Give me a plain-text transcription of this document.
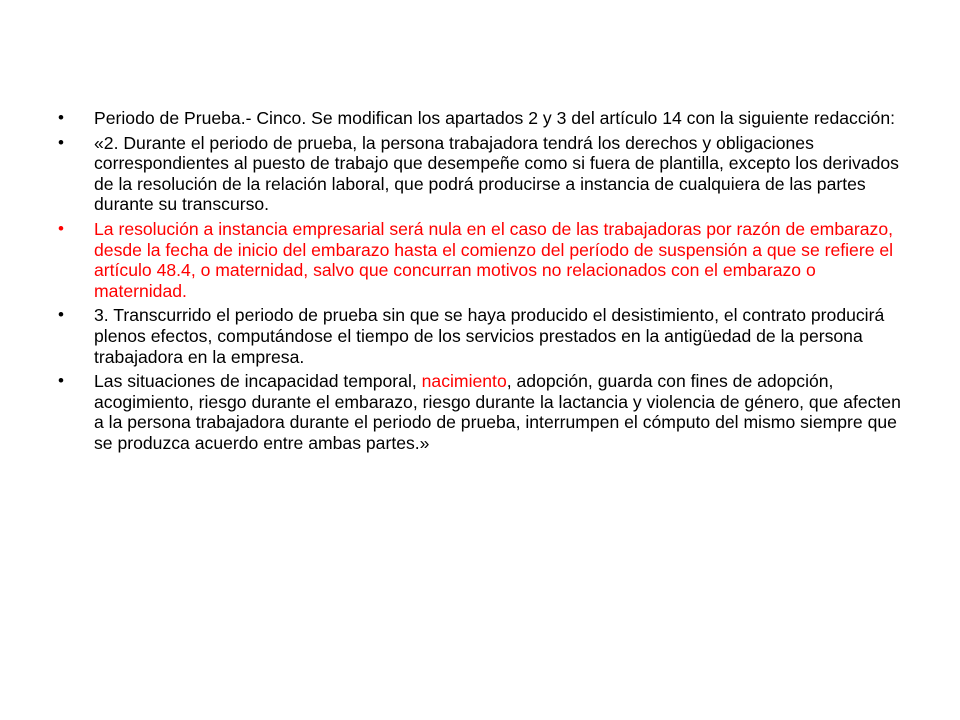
•	Periodo de Prueba.- Cinco. Se modifican los apartados 2 y 3 del artículo 14 con la siguiente redacción:
•	«2. Durante el periodo de prueba, la persona trabajadora tendrá los derechos y obligaciones correspondientes al puesto de trabajo que desempeñe como si fuera de plantilla, excepto los derivados de la resolución de la relación laboral, que podrá producirse a instancia de cualquiera de las partes durante su transcurso.
•	La resolución a instancia empresarial será nula en el caso de las trabajadoras por razón de embarazo, desde la fecha de inicio del embarazo hasta el comienzo del período de suspensión a que se refiere el artículo 48.4, o maternidad, salvo que concurran motivos no relacionados con el embarazo o maternidad.
•	3. Transcurrido el periodo de prueba sin que se haya producido el desistimiento, el contrato producirá plenos efectos, computándose el tiempo de los servicios prestados en la antigüedad de la persona trabajadora en la empresa.
•	Las situaciones de incapacidad temporal, nacimiento, adopción, guarda con fines de adopción, acogimiento, riesgo durante el embarazo, riesgo durante la lactancia y violencia de género, que afecten a la persona trabajadora durante el periodo de prueba, interrumpen el cómputo del mismo siempre que se produzca acuerdo entre ambas partes.»
